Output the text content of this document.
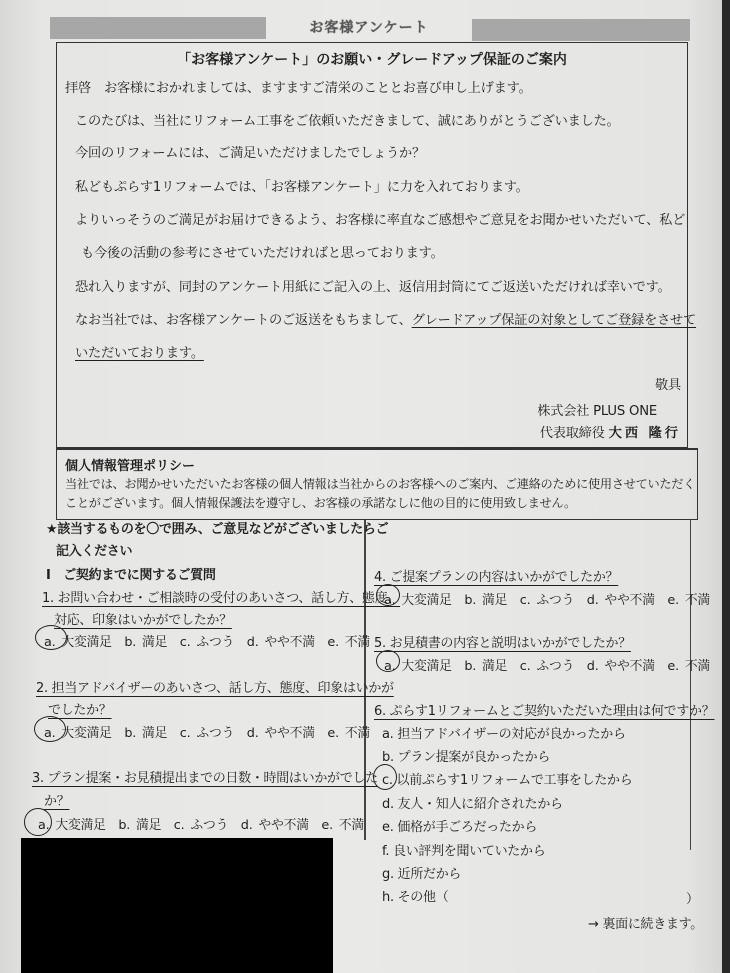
お客様アンケート
「お客様アンケート」のお願い・グレードアップ保証のご案内
拝啓　お客様におかれましては、ますますご清栄のこととお喜び申し上げます。
このたびは、当社にリフォーム工事をご依頼いただきまして、誠にありがとうございました。
今回のリフォームには、ご満足いただけましたでしょうか？
私どもぷらす1リフォームでは、「お客様アンケート」に力を入れております。
よりいっそうのご満足がお届けできるよう、お客様に率直なご感想やご意見をお聞かせいただいて、私ど
も今後の活動の参考にさせていただければと思っております。
恐れ入りますが、同封のアンケート用紙にご記入の上、返信用封筒にてご返送いただければ幸いです。
なお当社では、お客様アンケートのご返送をもちまして、グレードアップ保証の対象としてご登録をさせて
いただいております。
敬具
株式会社 PLUS ONE
代表取締役 大西 隆行
個人情報管理ポリシー
当社では、お聞かせいただいたお客様の個人情報は当社からのお客様へのご案内、ご連絡のために使用させていただく
ことがございます。個人情報保護法を遵守し、お客様の承諾なしに他の目的に使用致しません。
★該当するものを〇で囲み、ご意見などがございましたらご
記入ください
Ⅰ　ご契約までに関するご質問
1. お問い合わせ・ご相談時の受付のあいさつ、話し方、態度、
対応、印象はいかがでしたか？
a. 大変満足　b. 満足　c. ふつう　d. やや不満　e. 不満
2. 担当アドバイザーのあいさつ、話し方、態度、印象はいかが
でしたか？
a. 大変満足　b. 満足　c. ふつう　d. やや不満　e. 不満
3. プラン提案・お見積提出までの日数・時間はいかがでした
か？
a. 大変満足　b. 満足　c. ふつう　d. やや不満　e. 不満
4. ご提案プランの内容はいかがでしたか？
a. 大変満足　b. 満足　c. ふつう　d. やや不満　e. 不満
5. お見積書の内容と説明はいかがでしたか？
a. 大変満足　b. 満足　c. ふつう　d. やや不満　e. 不満
6. ぷらす1リフォームとご契約いただいた理由は何ですか？
a. 担当アドバイザーの対応が良かったから
b. プラン提案が良かったから
c. 以前ぷらす1リフォームで工事をしたから
d. 友人・知人に紹介されたから
e. 価格が手ごろだったから
f. 良い評判を聞いていたから
g. 近所だから
h. その他（	）
→ 裏面に続きます。
